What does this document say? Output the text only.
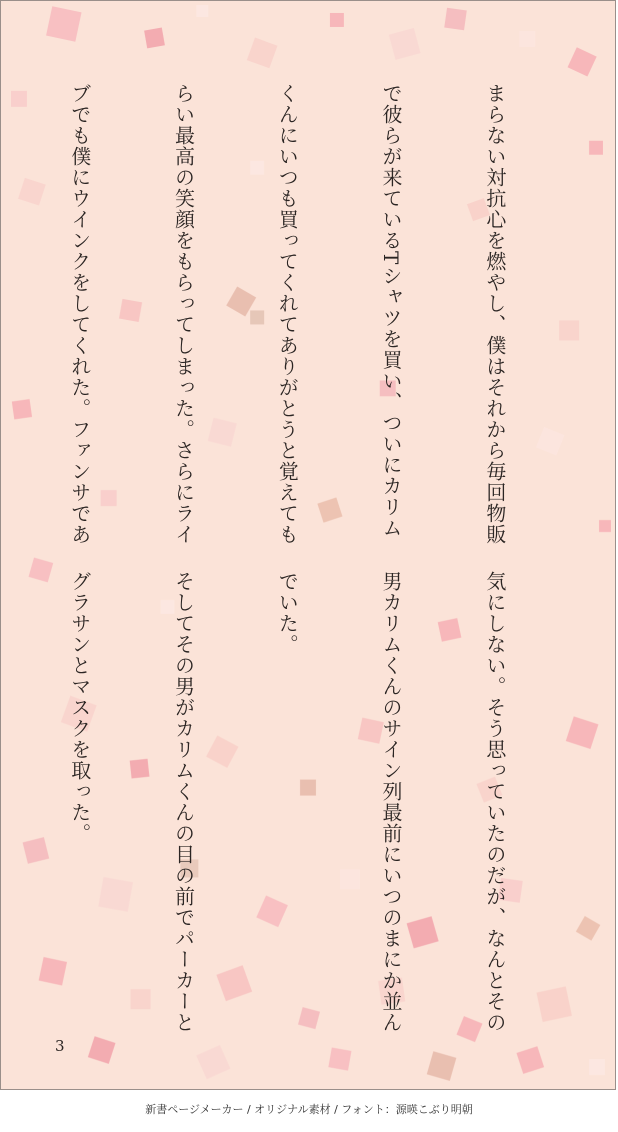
まらない対抗心を燃やし、僕はそれから毎回物販

で彼らが来ているTシャツを買い、ついにカリム

くんにいつも買ってくれてありがとうと覚えても

らい最高の笑顔をもらってしまった。さらにライ

ブでも僕にウインクをしてくれた。ファンサであ

気にしない。そう思っていたのだが、なんとその

男カリムくんのサイン列最前にいつのまにか並ん

でいた。

そしてその男がカリムくんの目の前でパーカーと

グラサンとマスクを取った。

3
新書ページメーカー / オリジナル素材 / フォント：源暎こぶり明朝
